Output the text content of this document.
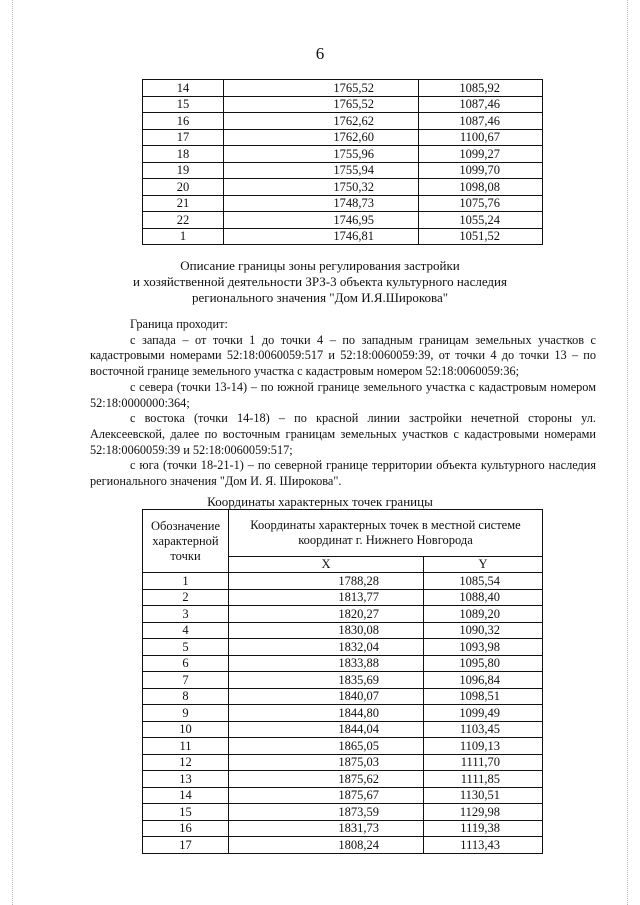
6
14	1765,52	1085,92
15	1765,52	1087,46
16	1762,62	1087,46
17	1762,60	1100,67
18	1755,96	1099,27
19	1755,94	1099,70
20	1750,32	1098,08
21	1748,73	1075,76
22	1746,95	1055,24
1	1746,81	1051,52
Описание границы зоны регулирования застройки
и хозяйственной деятельности ЗРЗ-3 объекта культурного наследия
регионального значения "Дом И.Я.Широкова"

Граница проходит:

с запада – от точки 1 до точки 4 – по западным границам земельных участков с кадастровыми номерами 52:18:0060059:517 и 52:18:0060059:39, от точки 4 до точки 13 – по восточной границе земельного участка с кадастровым номером 52:18:0060059:36;

с севера (точки 13-14) – по южной границе земельного участка с кадастровым номером 52:18:0000000:364;

с востока (точки 14-18) – по красной линии застройки нечетной стороны ул. Алексеевской, далее по восточным границам земельных участков с кадастровыми номерами 52:18:0060059:39 и 52:18:0060059:517;

с юга (точки 18-21-1) – по северной границе территории объекта культурного наследия регионального значения "Дом И. Я. Широкова".

Координаты характерных точек границы
Обозначение характерной точки	Координаты характерных точек в местной системе координат г. Нижнего Новгорода	
	X	Y
1	1788,28	1085,54
2	1813,77	1088,40
3	1820,27	1089,20
4	1830,08	1090,32
5	1832,04	1093,98
6	1833,88	1095,80
7	1835,69	1096,84
8	1840,07	1098,51
9	1844,80	1099,49
10	1844,04	1103,45
11	1865,05	1109,13
12	1875,03	1111,70
13	1875,62	1111,85
14	1875,67	1130,51
15	1873,59	1129,98
16	1831,73	1119,38
17	1808,24	1113,43
